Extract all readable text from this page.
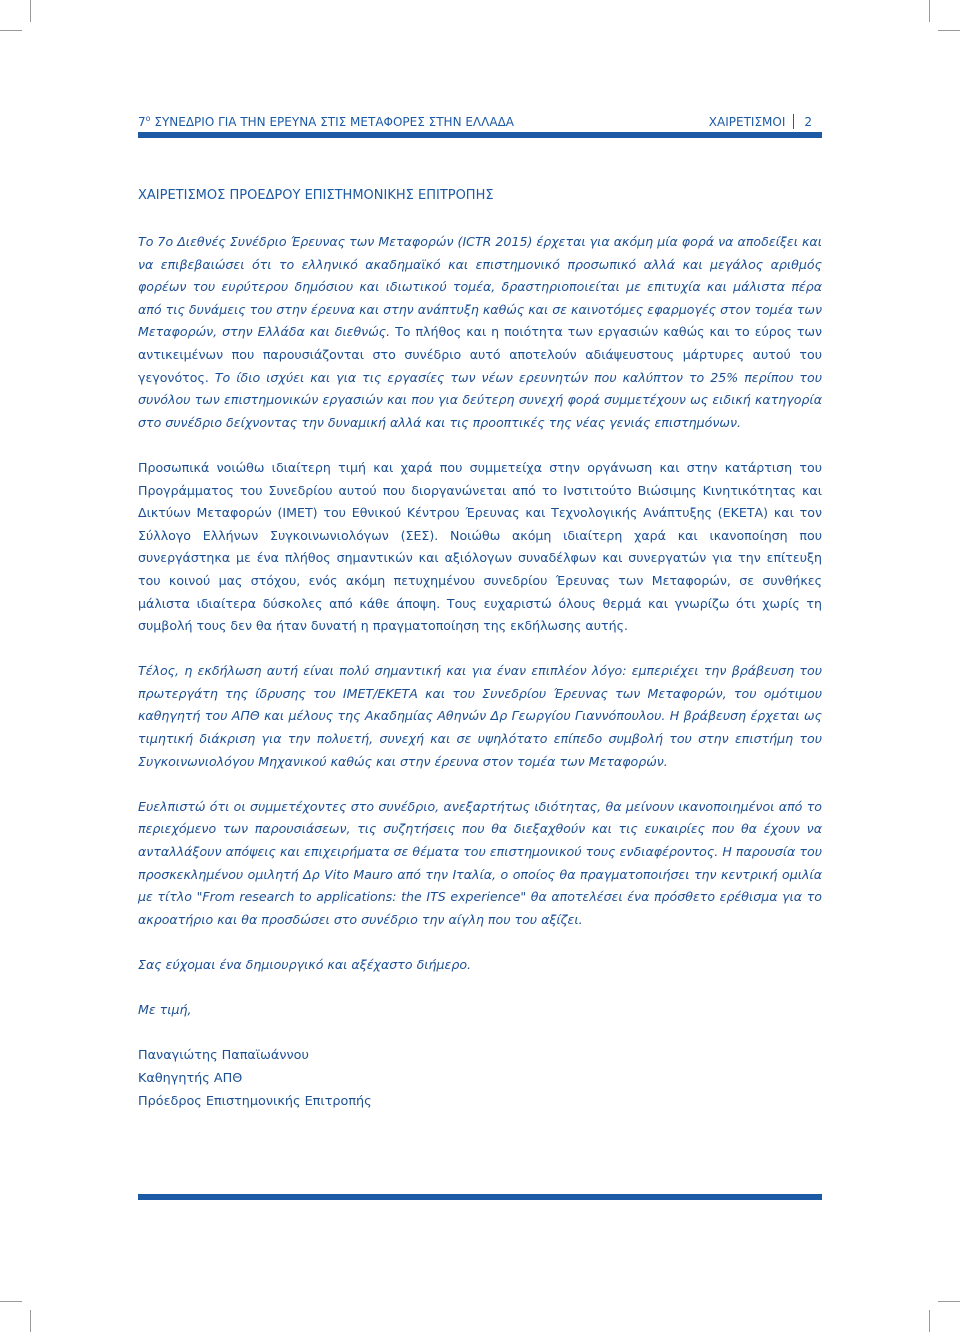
$7^o$ ΣΥΝΕΔΡΙΟ ΓΙΑ ΤΗΝ ΕΡΕΥΝΑ ΣΤΙΣ ΜΕΤΑΦΟΡΕΣ ΣΤΗΝ ΕΛΛΑΔΑ	ΧΑΙΡΕΤΙΣΜΟΙ 2
ΧΑΙΡΕΤΙΣΜΟΣ ΠΡΟΕΔΡΟΥ ΕΠΙΣΤΗΜΟΝΙΚΗΣ ΕΠΙΤΡΟΠΗΣ

Το 7ο Διεθνές Συνέδριο Έρευνας των Μεταφορών (ICTR 2015) έρχεται για ακόμη μία φορά να αποδείξει και να επιβεβαιώσει ότι το ελληνικό ακαδημαϊκό και επιστημονικό προσωπικό αλλά και μεγάλος αριθμός φορέων του ευρύτερου δημόσιου και ιδιωτικού τομέα, δραστηριοποιείται με επιτυχία και μάλιστα πέρα από τις δυνάμεις του στην έρευνα και στην ανάπτυξη καθώς και σε καινοτόμες εφαρμογές στον τομέα των Μεταφορών, στην Ελλάδα και διεθνώς. Το πλήθος και η ποιότητα των εργασιών καθώς και το εύρος των αντικειμένων που παρουσιάζονται στο συνέδριο αυτό αποτελούν αδιάψευστους μάρτυρες αυτού του γεγονότος. Το ίδιο ισχύει και για τις εργασίες των νέων ερευνητών που καλύπτον το 25% περίπου του συνόλου των επιστημονικών εργασιών και που για δεύτερη συνεχή φορά συμμετέχουν ως ειδική κατηγορία στο συνέδριο δείχνοντας την δυναμική αλλά και τις προοπτικές της νέας γενιάς επιστημόνων.

Προσωπικά νοιώθω ιδιαίτερη τιμή και χαρά που συμμετείχα στην οργάνωση και στην κατάρτιση του Προγράμματος του Συνεδρίου αυτού που διοργανώνεται από το Ινστιτούτο Βιώσιμης Κινητικότητας και Δικτύων Μεταφορών (ΙΜΕΤ) του Εθνικού Κέντρου Έρευνας και Τεχνολογικής Ανάπτυξης (ΕΚΕΤΑ) και τον Σύλλογο Ελλήνων Συγκοινωνιολόγων (ΣΕΣ). Νοιώθω ακόμη ιδιαίτερη χαρά και ικανοποίηση που συνεργάστηκα με ένα πλήθος σημαντικών και αξιόλογων συναδέλφων και συνεργατών για την επίτευξη του κοινού μας στόχου, ενός ακόμη πετυχημένου συνεδρίου Έρευνας των Μεταφορών, σε συνθήκες μάλιστα ιδιαίτερα δύσκολες από κάθε άποψη. Τους ευχαριστώ όλους θερμά και γνωρίζω ότι χωρίς τη συμβολή τους δεν θα ήταν δυνατή η πραγματοποίηση της εκδήλωσης αυτής.

Τέλος, η εκδήλωση αυτή είναι πολύ σημαντική και για έναν επιπλέον λόγο: εμπεριέχει την βράβευση του πρωτεργάτη της ίδρυσης του ΙΜΕΤ/ΕΚΕΤΑ και του Συνεδρίου Έρευνας των Μεταφορών, του ομότιμου καθηγητή του ΑΠΘ και μέλους της Ακαδημίας Αθηνών Δρ Γεωργίου Γιαννόπουλου. Η βράβευση έρχεται ως τιμητική διάκριση για την πολυετή, συνεχή και σε υψηλότατο επίπεδο συμβολή του στην επιστήμη του Συγκοινωνιολόγου Μηχανικού καθώς και στην έρευνα στον τομέα των Μεταφορών.

Ευελπιστώ ότι οι συμμετέχοντες στο συνέδριο, ανεξαρτήτως ιδιότητας, θα μείνουν ικανοποιημένοι από το περιεχόμενο των παρουσιάσεων, τις συζητήσεις που θα διεξαχθούν και τις ευκαιρίες που θα έχουν να ανταλλάξουν απόψεις και επιχειρήματα σε θέματα του επιστημονικού τους ενδιαφέροντος. Η παρουσία του προσκεκλημένου ομιλητή Δρ Vito Mauro από την Ιταλία, ο οποίος θα πραγματοποιήσει την κεντρική ομιλία με τίτλο "From research to applications: the ITS experience" θα αποτελέσει ένα πρόσθετο ερέθισμα για το ακροατήριο και θα προσδώσει στο συνέδριο την αίγλη που του αξίζει.

Σας εύχομαι ένα δημιουργικό και αξέχαστο διήμερο.

Με τιμή,

Παναγιώτης Παπαϊωάννου
Καθηγητής ΑΠΘ
Πρόεδρος Επιστημονικής Επιτροπής
